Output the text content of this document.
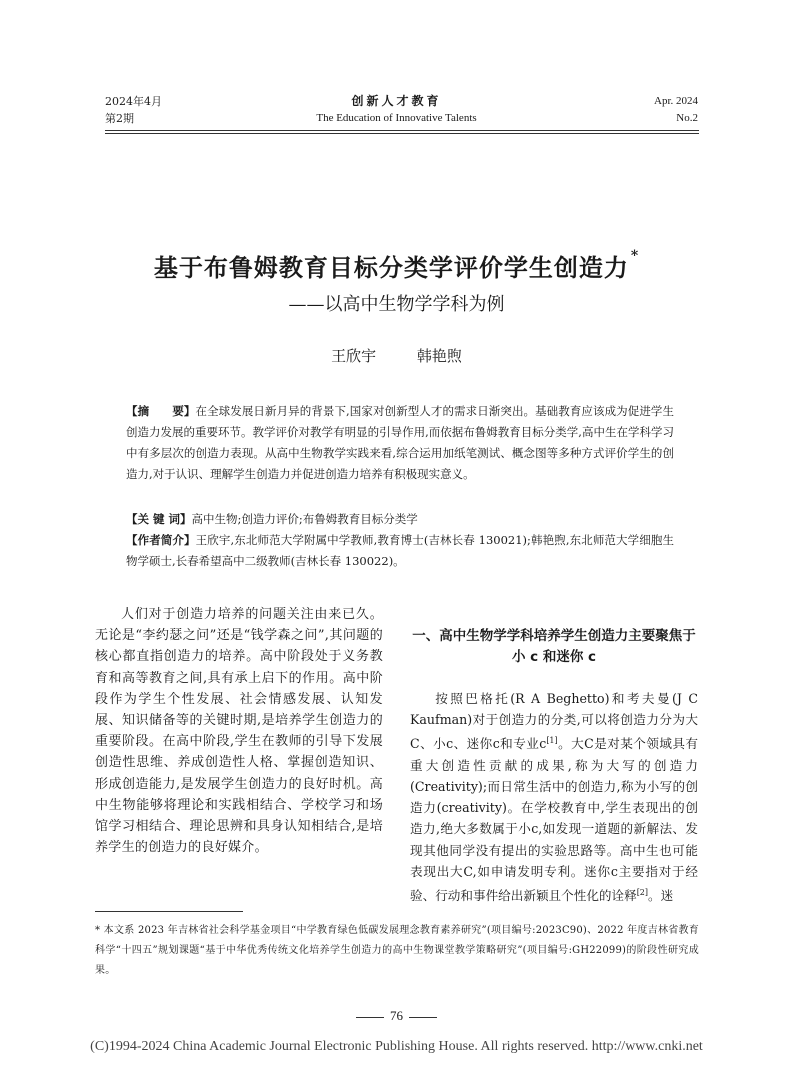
2024年4月
第2期
创新人才教育
The Education of Innovative Talents
Apr. 2024
No.2
基于布鲁姆教育目标分类学评价学生创造力 *
——以高中生物学学科为例
王欣宇	韩艳煦
【摘　　要】在全球发展日新月异的背景下,国家对创新型人才的需求日渐突出。基础教育应该成为促进学生创造力发展的重要环节。教学评价对教学有明显的引导作用,而依据布鲁姆教育目标分类学,高中生在学科学习中有多层次的创造力表现。从高中生物教学实践来看,综合运用加纸笔测试、概念图等多种方式评价学生的创造力,对于认识、理解学生创造力并促进创造力培养有积极现实意义。
【关 键 词】高中生物;创造力评价;布鲁姆教育目标分类学
【作者简介】王欣宇,东北师范大学附属中学教师,教育博士(吉林长春 130021);韩艳煦,东北师范大学细胞生物学硕士,长春希望高中二级教师(吉林长春 130022)。
人们对于创造力培养的问题关注由来已久。无论是“李约瑟之问”还是“钱学森之问”,其问题的核心都直指创造力的培养。高中阶段处于义务教育和高等教育之间,具有承上启下的作用。高中阶段作为学生个性发展、社会情感发展、认知发展、知识储备等的关键时期,是培养学生创造力的重要阶段。在高中阶段,学生在教师的引导下发展创造性思维、养成创造性人格、掌握创造知识、形成创造能力,是发展学生创造力的良好时机。高中生物能够将理论和实践相结合、学校学习和场馆学习相结合、理论思辨和具身认知相结合,是培养学生的创造力的良好媒介。
一、高中生物学学科培养学生创造力主要聚焦于小 c 和迷你 c
按照巴格托(R A Beghetto)和考夫曼(J C Kaufman)对于创造力的分类,可以将创造力分为大C、小c、迷你c和专业c[1]。大C是对某个领域具有重大创造性贡献的成果,称为大写的创造力(Creativity);而日常生活中的创造力,称为小写的创造力(creativity)。在学校教育中,学生表现出的创造力,绝大多数属于小c,如发现一道题的新解法、发现其他同学没有提出的实验思路等。高中生也可能表现出大C,如申请发明专利。迷你c主要指对于经验、行动和事件给出新颖且个性化的诠释[2]。迷
* 本文系 2023 年吉林省社会科学基金项目“中学教育绿色低碳发展理念教育素养研究”(项目编号:2023C90)、2022 年度吉林省教育科学“十四五”规划课题“基于中华优秀传统文化培养学生创造力的高中生物课堂教学策略研究”(项目编号:GH22099)的阶段性研究成果。
76
(C)1994-2024 China Academic Journal Electronic Publishing House. All rights reserved. http://www.cnki.net
